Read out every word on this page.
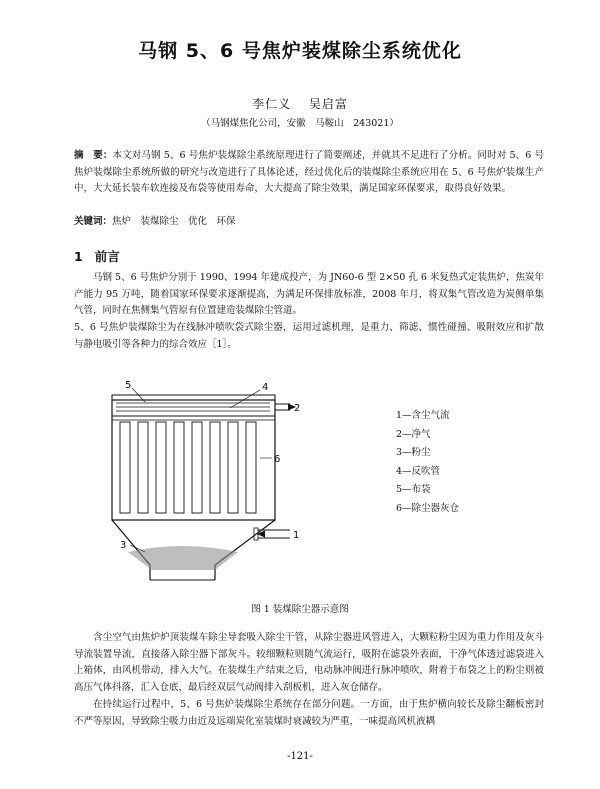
马钢 5、6 号焦炉装煤除尘系统优化
李仁义　 吴启富
（马钢煤焦化公司，安徽　马鞍山　243021）
摘　要：本文对马钢 5、6 号焦炉装煤除尘系统原理进行了简要阐述，并就其不足进行了分析。同时对 5、6 号焦炉装煤除尘系统所做的研究与改造进行了具体论述，经过优化后的装煤除尘系统应用在 5、6 号焦炉装煤生产中，大大延长装车软连接及布袋等使用寿命，大大提高了除尘效果，满足国家环保要求，取得良好效果。
关键词：焦炉　装煤除尘　优化　环保
1 前言
马钢 5、6 号焦炉分别于 1990、1994 年建成投产，为 JN60-6 型 2×50 孔 6 米复热式定装焦炉，焦炭年产能力 95 万吨，随着国家环保要求逐渐提高，为满足环保排放标准，2008 年月，将双集气管改造为炭侧单集气管，同时在焦侧集气管原有位置建造装煤除尘管道。
5、6 号焦炉装煤除尘为在线脉冲喷吹袋式除尘器，运用过滤机理，是重力、筛滤、惯性碰撞、吸附效应和扩散与静电吸引等各种力的综合效应［1］。
1
2
3
4
5
6
1—含尘气流
2—净气
3—粉尘
4—反吹管
5—布袋
6—除尘器灰仓
图 1 装煤除尘器示意图
含尘空气由焦炉炉顶装煤车除尘导套吸入除尘干管，从除尘器进风管进入，大颗粒粉尘因为重力作用及灰斗导流装置导流，直接落入除尘器下部灰斗。较细颗粒则随气流运行，吸附在滤袋外表面，干净气体透过滤袋进入上箱体，由风机带动，排入大气。在装煤生产结束之后，电动脉冲阀进行脉冲喷吹，附着于布袋之上的粉尘则被高压气体抖落，汇入仓底，最后经双层气动阀排入刮板机，进入灰仓储存。
在持续运行过程中，5、6 号焦炉装煤除尘系统存在部分问题。一方面，由于焦炉横向较长及除尘翻板密封不严等原因，导致除尘吸力由近及远端炭化室装煤时衰减较为严重，一味提高风机液耦
-121-
